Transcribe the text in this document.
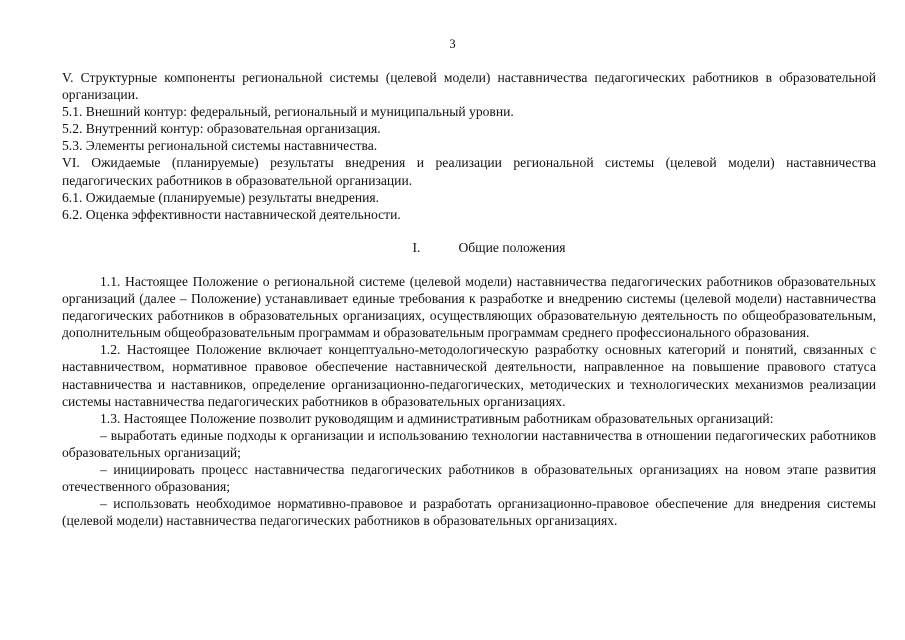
3

V. Структурные компоненты региональной системы (целевой модели) наставничества педагогических работников в образовательной организации.

5.1. Внешний контур: федеральный, региональный и муниципальный уровни.

5.2. Внутренний контур: образовательная организация.

5.3. Элементы региональной системы наставничества.

VI. Ожидаемые (планируемые) результаты внедрения и реализации региональной системы (целевой модели) наставничества педагогических работников в образовательной организации.

6.1. Ожидаемые (планируемые) результаты внедрения.

6.2. Оценка эффективности наставнической деятельности.

I.	Общие положения

1.1. Настоящее Положение о региональной системе (целевой модели) наставничества педагогических работников образовательных организаций (далее – Положение) устанавливает единые требования к разработке и внедрению системы (целевой модели) наставничества педагогических работников в образовательных организациях, осуществляющих образовательную деятельность по общеобразовательным, дополнительным общеобразовательным программам и образовательным программам среднего профессионального образования.

1.2. Настоящее Положение включает концептуально-методологическую разработку основных категорий и понятий, связанных с наставничеством, нормативное правовое обеспечение наставнической деятельности, направленное на повышение правового статуса наставничества и наставников, определение организационно-педагогических, методических и технологических механизмов реализации системы наставничества педагогических работников в образовательных организациях.

1.3. Настоящее Положение позволит руководящим и административным работникам образовательных организаций:

– выработать единые подходы к организации и использованию технологии наставничества в отношении педагогических работников образовательных организаций;

– инициировать процесс наставничества педагогических работников в образовательных организациях на новом этапе развития отечественного образования;

– использовать необходимое нормативно-правовое и разработать организационно-правовое обеспечение для внедрения системы (целевой модели) наставничества педагогических работников в образовательных организациях.
